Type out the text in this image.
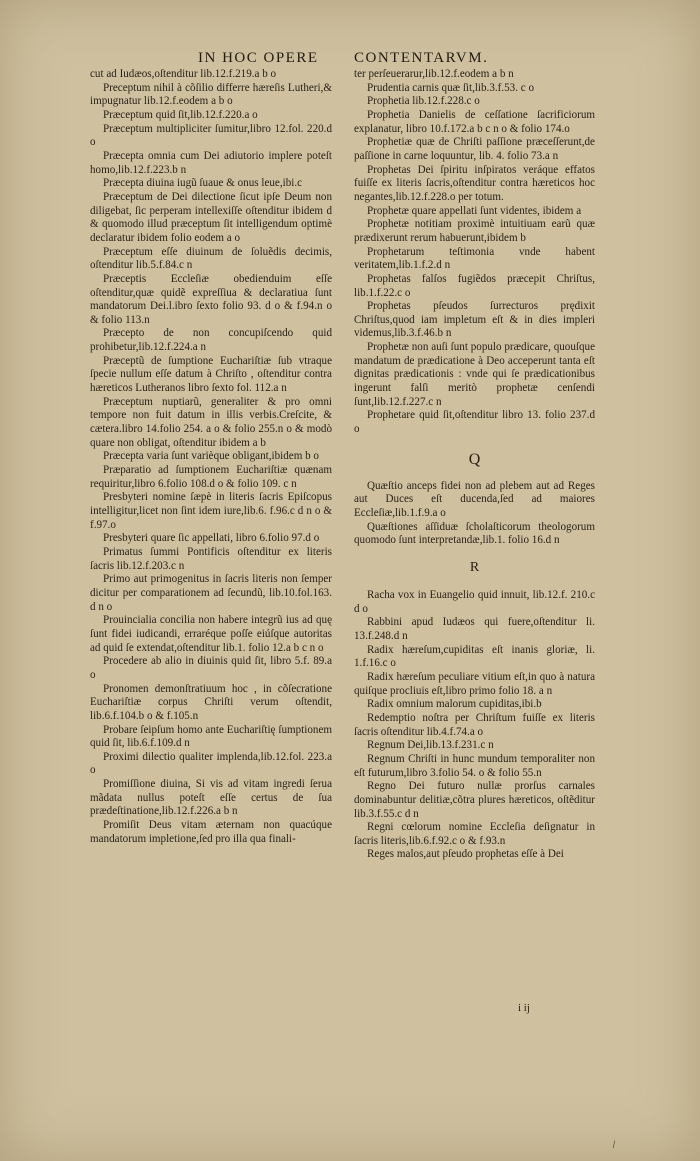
IN HOC OPERE CONTENTARVM.

cut ad Iudæos,oſtenditur lib.12.f.219.a b o

Preceptum nihil à cõſilio differre hæreſis Lutheri,& impugnatur lib.12.f.eodem a b o

Præceptum quid ſit,lib.12.f.220.a o

Præceptum multipliciter ſumitur,libro 12.fol. 220.d o

Præcepta omnia cum Dei adiutorio implere poteſt homo,lib.12.f.223.b n

Præcepta diuina iugũ ſuaue & onus leue,ibi.c

Præceptum de Dei dilectione ſicut ipſe Deum non diligebat, ſic perperam intellexiſſe oſtenditur ibidem d & quomodo illud præceptum ſit intelligendum optimè declaratur ibidem folio eodem a o

Præceptum eſſe diuinum de ſoluẽdis decimis, oſtenditur lib.5.f.84.c n

Præceptis Eccleſiæ obedienduim eſſe oſtenditur,quæ quidẽ expreſſiua & declaratiua ſunt mandatorum Dei.l.ibro ſexto folio 93. d o & f.94.n o & folio 113.n

Præcepto de non concupiſcendo quid prohibetur,lib.12.f.224.a n

Præceptũ de ſumptione Euchariſtiæ ſub vtraque ſpecie nullum eſſe datum à Chriſto , oſtenditur contra hæreticos Lutheranos libro ſexto fol. 112.a n

Præceptum nuptiarũ, generaliter & pro omni tempore non fuit datum in illis verbis.Creſcite, & cætera.libro 14.folio 254. a o & folio 255.n o & modò quare non obligat, oſtenditur ibidem a b

Præcepta varia ſunt varièque obligant,ibidem b o

Præparatio ad ſumptionem Euchariſtiæ quænam requiritur,libro 6.folio 108.d o & folio 109. c n

Presbyteri nomine ſæpè in literis ſacris Epiſcopus intelligitur,licet non ſint idem iure,lib.6. f.96.c d n o & f.97.o

Presbyteri quare ſic appellati, libro 6.folio 97.d o

Primatus ſummi Pontificis oſtenditur ex literis ſacris lib.12.f.203.c n

Primo aut primogenitus in ſacris literis non ſemper dicitur per comparationem ad ſecundũ, lib.10.fol.163. d n o

Prouincialia concilia non habere integrũ ius ad quę ſunt fidei iudicandi, erraréque poſſe eiúſque autoritas ad quid ſe extendat,oſtenditur lib.1. folio 12.a b c n o

Procedere ab alio in diuinis quid ſit, libro 5.f. 89.a o

Pronomen demonſtratiuum hoc , in cõſecratione Euchariſtiæ corpus Chriſti verum oſtendit, lib.6.f.104.b o & f.105.n

Probare ſeipſum homo ante Euchariſtię ſumptionem quid ſit, lib.6.f.109.d n

Proximi dilectio qualiter implenda,lib.12.fol. 223.a o

Promiſſione diuina, Si vis ad vitam ingredi ſerua mãdata nullus poteſt eſſe certus de ſua prædeſtinatione,lib.12.f.226.a b n

Promiſit Deus vitam æternam non quacúque mandatorum impletione,ſed pro illa qua finali-

ter perſeuerarur,lib.12.f.eodem a b n

Prudentia carnis quæ ſit,lib.3.f.53. c o

Prophetia lib.12.f.228.c o

Prophetia Danielis de ceſſatione ſacrificiorum explanatur, libro 10.f.172.a b c n o & folio 174.o

Prophetiæ quæ de Chriſti paſſione præceſſerunt,de paſſione in carne loquuntur, lib. 4. folio 73.a n

Prophetas Dei ſpiritu inſpiratos veráque effatos fuiſſe ex literis ſacris,oſtenditur contra hæreticos hoc negantes,lib.12.f.228.o per totum.

Prophetæ quare appellati ſunt videntes, ibidem a

Prophetæ notitiam proximè intuitiuam earũ quæ prædixerunt rerum habuerunt,ibidem b

Prophetarum teſtimonia vnde habent veritatem,lib.1.f.2.d n

Prophetas falſos fugiẽdos præcepit Chriſtus, lib.1.f.22.c o

Prophetas pſeudos ſurrecturos prędixit Chriſtus,quod iam impletum eſt & in dies impleri videmus,lib.3.f.46.b n

Prophetæ non auſi ſunt populo prædicare, quouſque mandatum de prædicatione à Deo acceperunt tanta eſt dignitas prædicationis : vnde qui ſe prædicationibus ingerunt falſi meritò prophetæ cenſendi ſunt,lib.12.f.227.c n

Prophetare quid ſit,oſtenditur libro 13. folio 237.d o

Q

Quæſtio anceps fidei non ad plebem aut ad Reges aut Duces eſt ducenda,ſed ad maiores Eccleſiæ,lib.1.f.9.a o

Quæſtiones aſſiduæ ſcholaſticorum theologorum quomodo ſunt interpretandæ,lib.1. folio 16.d n

R

Racha vox in Euangelio quid innuit, lib.12.f. 210.c d o

Rabbini apud Iudæos qui fuere,oſtenditur li. 13.f.248.d n

Radix hæreſum,cupiditas eſt inanis gloriæ, li. 1.f.16.c o

Radix hæreſum peculiare vitium eſt,in quo à natura quiſque procliuis eſt,libro primo folio 18. a n

Radix omnium malorum cupiditas,ibi.b

Redemptio noſtra per Chriſtum fuiſſe ex literis ſacris oſtenditur lib.4.f.74.a o

Regnum Dei,lib.13.f.231.c n

Regnum Chriſti in hunc mundum temporaliter non eſt futurum,libro 3.folio 54. o & folio 55.n

Regno Dei futuro nullæ prorſus carnales dominabuntur delitiæ,cõtra plures hæreticos, oſtẽditur lib.3.f.55.c d n

Regni cœlorum nomine Eccleſia deſignatur in ſacris literis,lib.6.f.92.c o & f.93.n

Reges malos,aut pſeudo prophetas eſſe à Dei

i ij
\
